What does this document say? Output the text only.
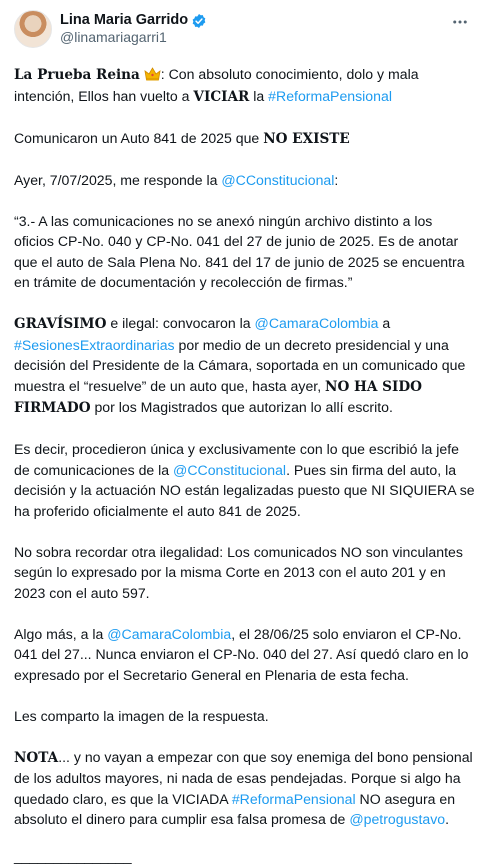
Lina Maria Garrido
@linamariagarri1

La Prueba Reina : Con absoluto conocimiento, dolo y mala intención, Ellos han vuelto a VICIAR la #ReformaPensional

Comunicaron un Auto 841 de 2025 que NO EXISTE

Ayer, 7/07/2025, me responde la @CConstitucional:

“3.- A las comunicaciones no se anexó ningún archivo distinto a los oficios CP-No. 040 y CP-No. 041 del 27 de junio de 2025. Es de anotar que el auto de Sala Plena No. 841 del 17 de junio de 2025 se encuentra en trámite de documentación y recolección de firmas.”

GRAVÍSIMO e ilegal: convocaron la @CamaraColombia a #SesionesExtraordinarias por medio de un decreto presidencial y una decisión del Presidente de la Cámara, soportada en un comunicado que muestra el “resuelve” de un auto que, hasta ayer, NO HA SIDO FIRMADO por los Magistrados que autorizan lo allí escrito.

Es decir, procedieron única y exclusivamente con lo que escribió la jefe de comunicaciones de la @CConstitucional. Pues sin firma del auto, la decisión y la actuación NO están legalizadas puesto que NI SIQUIERA se ha proferido oficialmente el auto 841 de 2025.

No sobra recordar otra ilegalidad: Los comunicados NO son vinculantes según lo expresado por la misma Corte en 2013 con el auto 201 y en 2023 con el auto 597.

Algo más, a la @CamaraColombia, el 28/06/25 solo enviaron el CP-No. 041 del 27... Nunca enviaron el CP-No. 040 del 27. Así quedó claro en lo expresado por el Secretario General en Plenaria de esta fecha.

Les comparto la imagen de la respuesta.

NOTA... y no vayan a empezar con que soy enemiga del bono pensional de los adultos mayores, ni nada de esas pendejadas. Porque si algo ha quedado claro, es que la VICIADA #ReformaPensional NO asegura en absoluto el dinero para cumplir esa falsa promesa de @petrogustavo.

_______________
